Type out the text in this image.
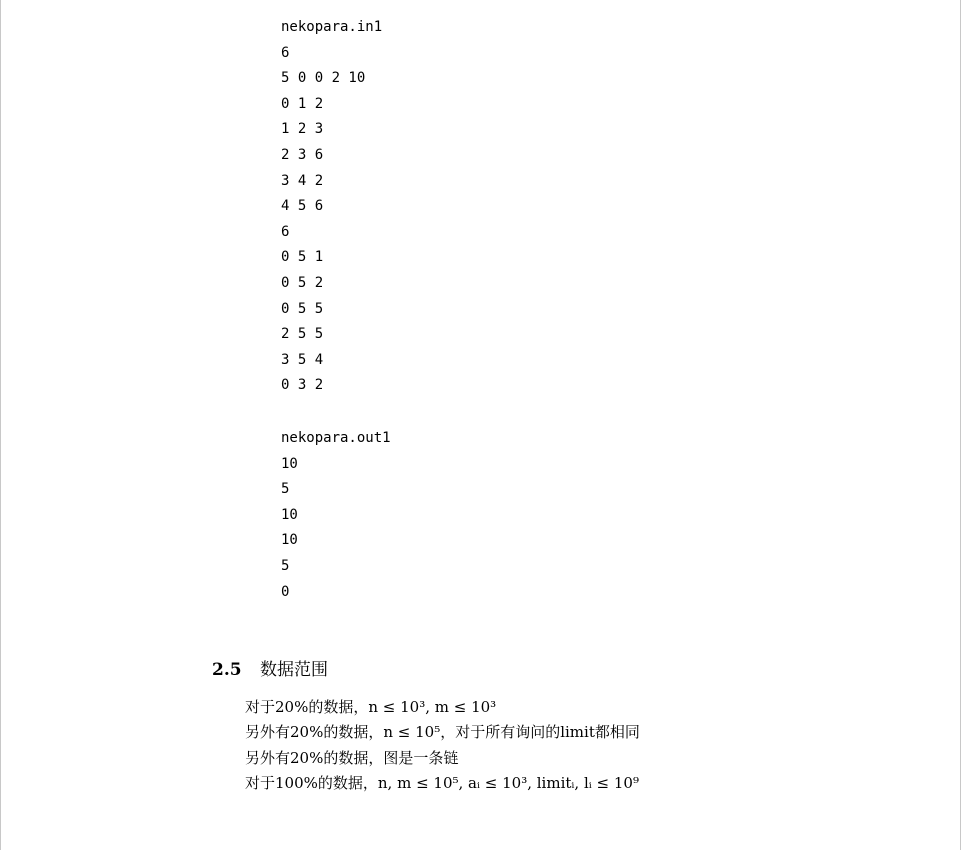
nekopara.in1
6
5 0 0 2 10
0 1 2
1 2 3
2 3 6
3 4 2
4 5 6
6
0 5 1
0 5 2
0 5 5
2 5 5
3 5 4
0 3 2
nekopara.out1
10
5
10
10
5
0
2.5 数据范围
对于20%的数据，n ≤ 10³, m ≤ 10³
另外有20%的数据，n ≤ 10⁵，对于所有询问的limit都相同
另外有20%的数据，图是一条链
对于100%的数据，n, m ≤ 10⁵, aᵢ ≤ 10³, limitᵢ, lᵢ ≤ 10⁹
